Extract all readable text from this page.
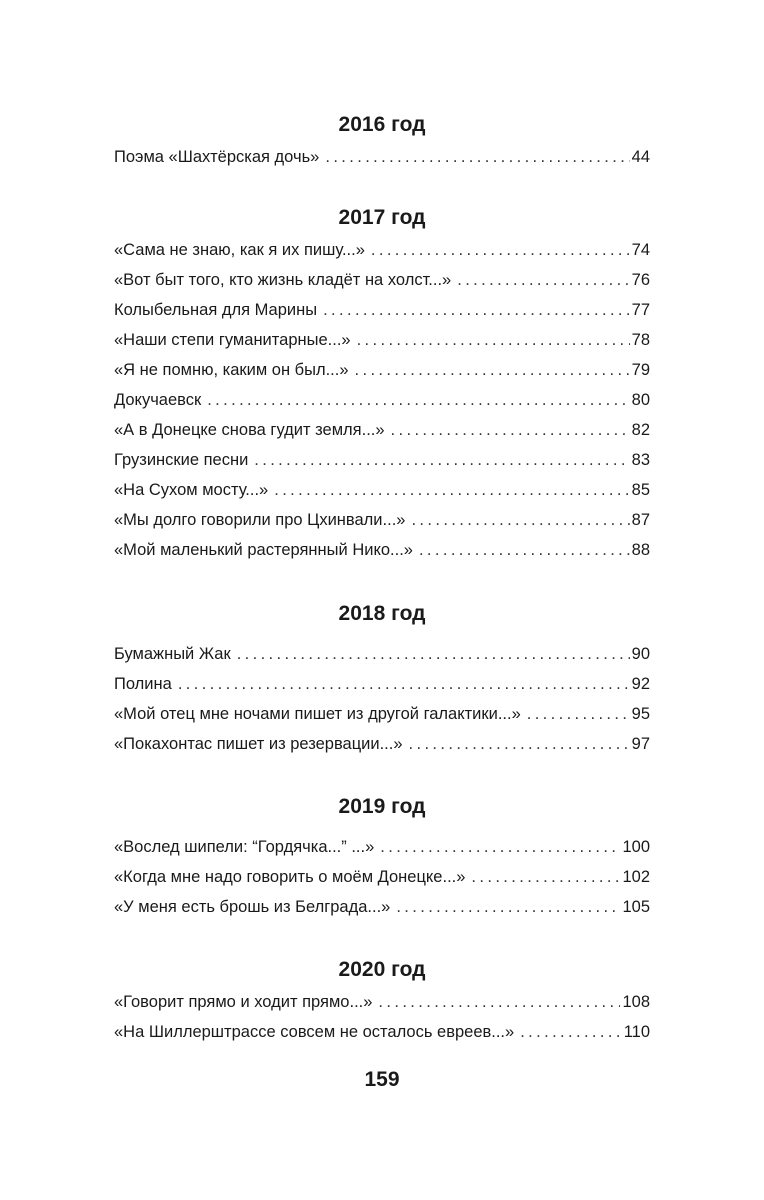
2016 год
Поэма «Шахтёрская дочь» . . .	44
2017 год
«Сама не знаю, как я их пишу...» . . .	74
«Вот быт того, кто жизнь кладёт на холст...» . . .	76
Колыбельная для Марины . . .	77
«Наши степи гуманитарные...» . . .	78
«Я не помню, каким он был...» . . .	79
Докучаевск . . .	80
«А в Донецке снова гудит земля...» . . .	82
Грузинские песни . . .	83
«На Сухом мосту...» . . .	85
«Мы долго говорили про Цхинвали...» . . .	87
«Мой маленький растерянный Нико...» . . .	88
2018 год
Бумажный Жак . . .	90
Полина . . .	92
«Мой отец мне ночами пишет из другой галактики...» . . .	95
«Покахонтас пишет из резервации...» . . .	97
2019 год
«Вослед шипели: “Гордячка...” ...» . . .	100
«Когда мне надо говорить о моём Донецке...» . . .	102
«У меня есть брошь из Белграда...» . . .	105
2020 год
«Говорит прямо и ходит прямо...» . . .	108
«На Шиллерштрассе совсем не осталось евреев...» . . .	110
159
